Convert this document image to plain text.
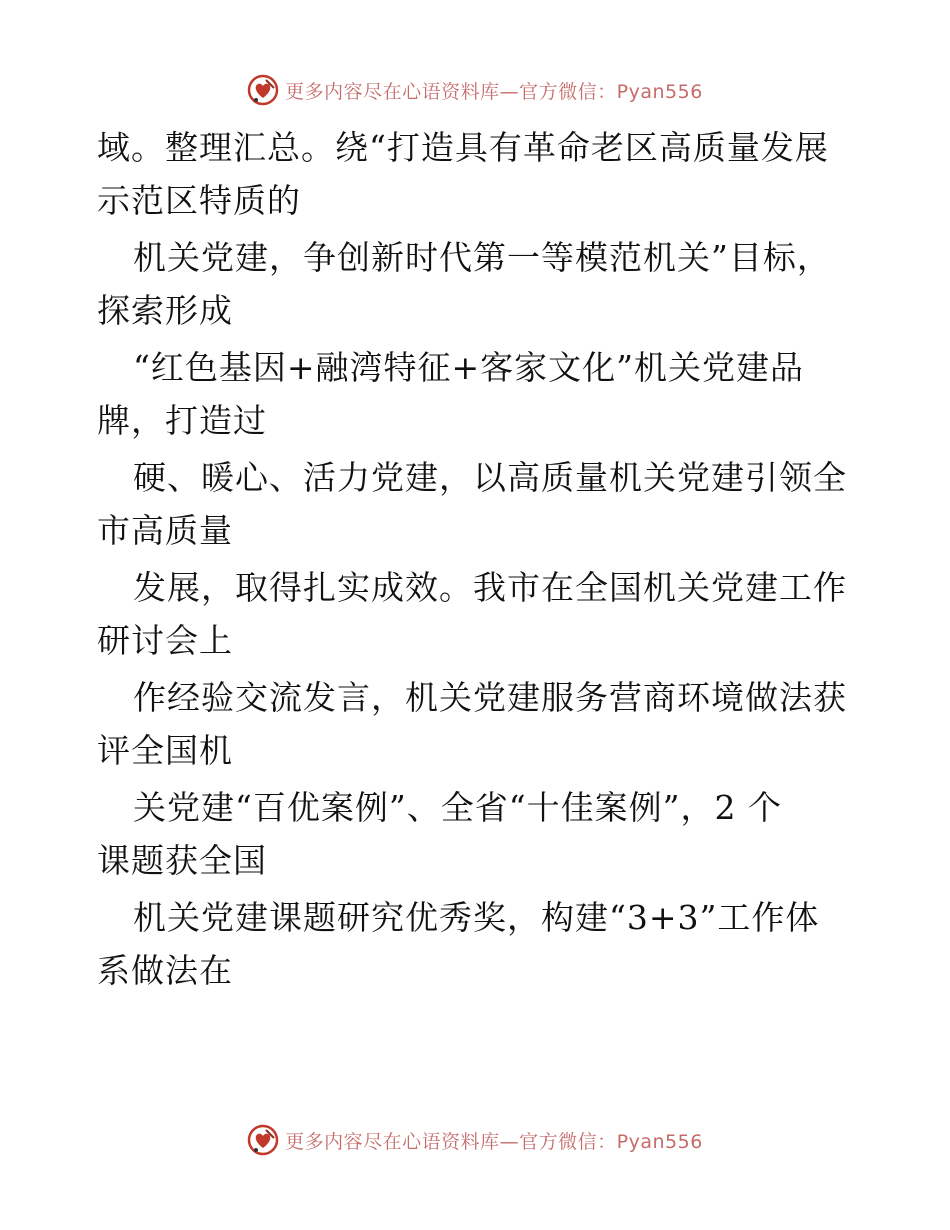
更多内容尽在心语资料库—官方微信：Pyan556
域。整理汇总。绕“打造具有革命老区高质量发展
示范区特质的
机关党建，争创新时代第一等模范机关”目标，
探索形成
“红色基因+融湾特征+客家文化”机关党建品
牌，打造过
硬、暖心、活力党建，以高质量机关党建引领全
市高质量
发展，取得扎实成效。我市在全国机关党建工作
研讨会上
作经验交流发言，机关党建服务营商环境做法获
评全国机
关党建“百优案例”、全省“十佳案例”，2 个
课题获全国
机关党建课题研究优秀奖，构建“3+3”工作体
系做法在
更多内容尽在心语资料库—官方微信：Pyan556
